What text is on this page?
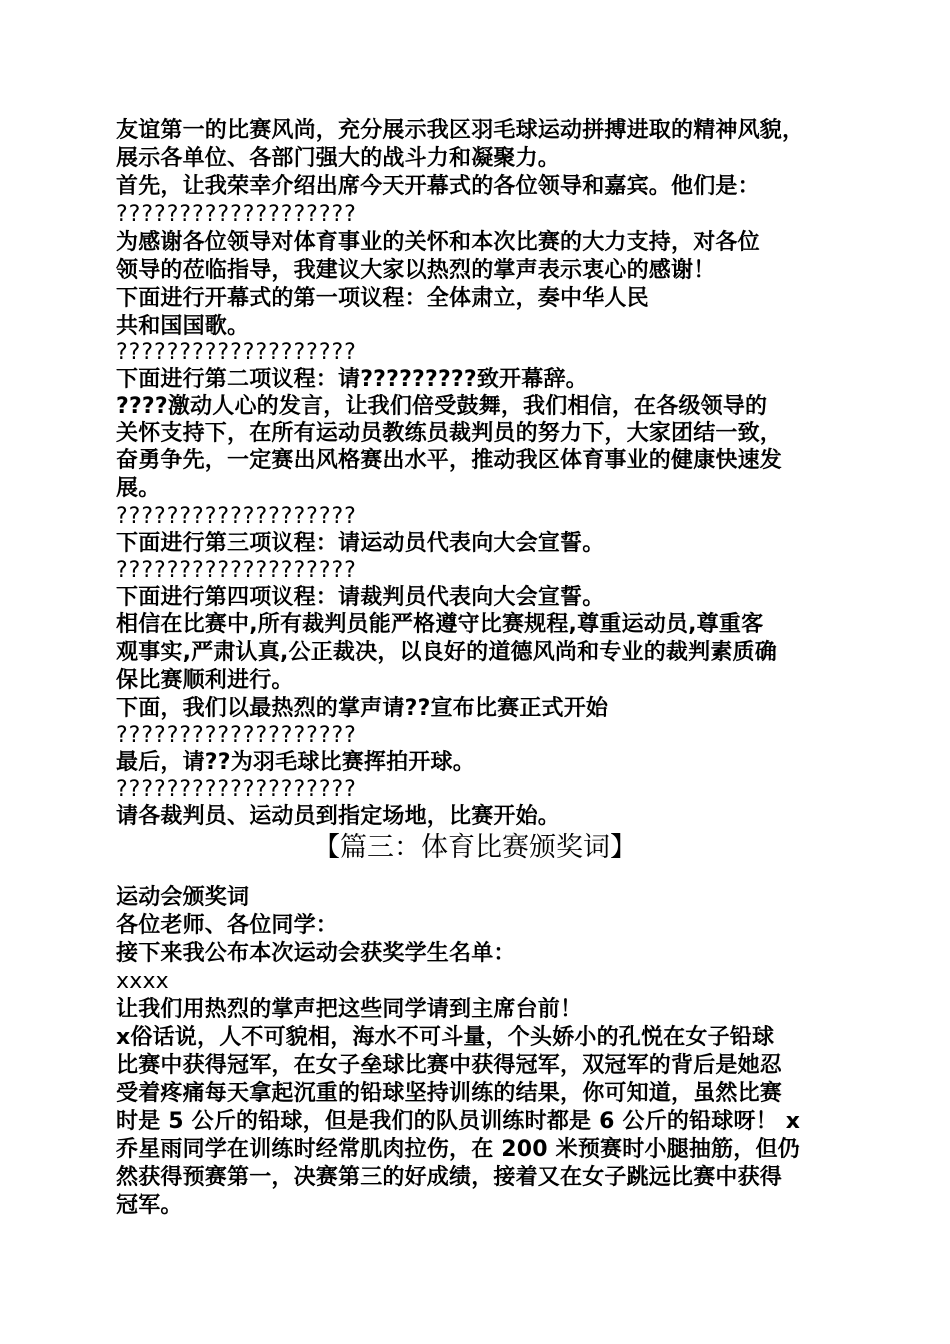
友谊第一的比赛风尚，充分展示我区羽毛球运动拼搏进取的精神风貌，
展示各单位、各部门强大的战斗力和凝聚力。
首先，让我荣幸介绍出席今天开幕式的各位领导和嘉宾。他们是：
???????????????????
为感谢各位领导对体育事业的关怀和本次比赛的大力支持，对各位
领导的莅临指导，我建议大家以热烈的掌声表示衷心的感谢！
下面进行开幕式的第一项议程：全体肃立，奏中华人民
共和国国歌。
???????????????????
下面进行第二项议程：请?????????致开幕辞。
????激动人心的发言，让我们倍受鼓舞，我们相信，在各级领导的
关怀支持下，在所有运动员教练员裁判员的努力下，大家团结一致，
奋勇争先，一定赛出风格赛出水平，推动我区体育事业的健康快速发
展。
???????????????????
下面进行第三项议程：请运动员代表向大会宣誓。
???????????????????
下面进行第四项议程：请裁判员代表向大会宣誓。
相信在比赛中,所有裁判员能严格遵守比赛规程,尊重运动员,尊重客
观事实,严肃认真,公正裁决，以良好的道德风尚和专业的裁判素质确
保比赛顺利进行。
下面，我们以最热烈的掌声请??宣布比赛正式开始
???????????????????
最后，请??为羽毛球比赛挥拍开球。
???????????????????
请各裁判员、运动员到指定场地，比赛开始。
【篇三：体育比赛颁奖词】
运动会颁奖词
各位老师、各位同学：
接下来我公布本次运动会获奖学生名单：
xxxx
让我们用热烈的掌声把这些同学请到主席台前！
x俗话说，人不可貌相，海水不可斗量，个头娇小的孔悦在女子铅球
比赛中获得冠军，在女子垒球比赛中获得冠军，双冠军的背后是她忍
受着疼痛每天拿起沉重的铅球坚持训练的结果，你可知道，虽然比赛
时是 5 公斤的铅球，但是我们的队员训练时都是 6 公斤的铅球呀！ x
乔星雨同学在训练时经常肌肉拉伤，在 200 米预赛时小腿抽筋，但仍
然获得预赛第一，决赛第三的好成绩，接着又在女子跳远比赛中获得
冠军。
